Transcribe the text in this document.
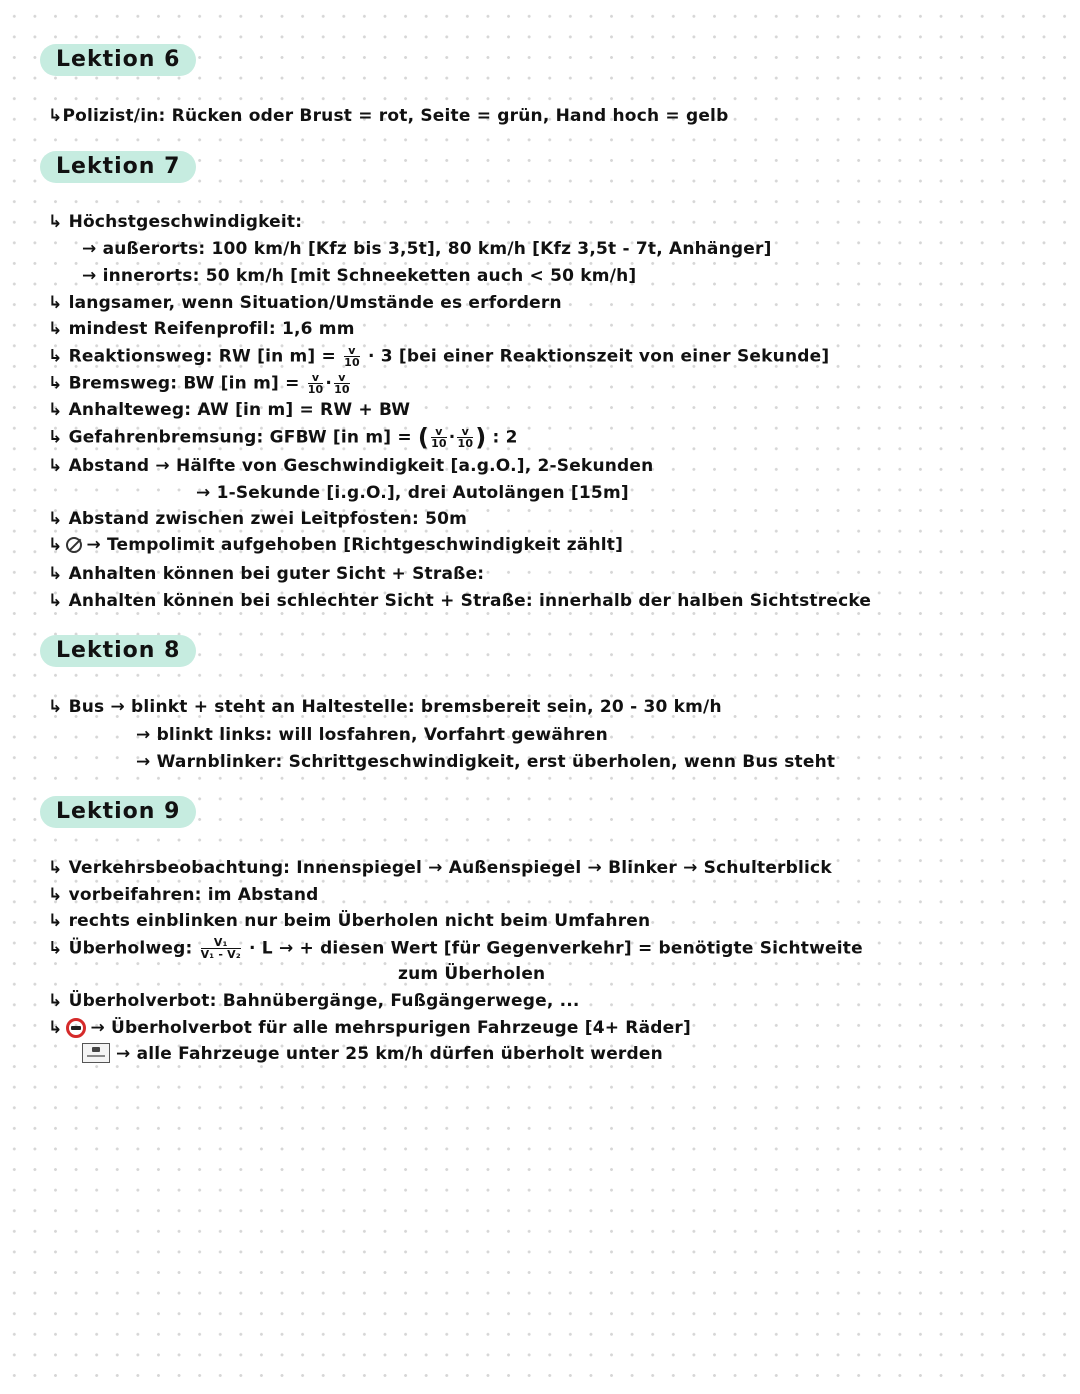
Lektion 6
↳Polizist/in: Rücken oder Brust = rot, Seite = grün, Hand hoch = gelb
Lektion 7
↳ Höchstgeschwindigkeit:
→ außerorts: 100 km/h [Kfz bis 3,5t], 80 km/h [Kfz 3,5t - 7t, Anhänger]
→ innerorts: 50 km/h [mit Schneeketten auch < 50 km/h]
↳ langsamer, wenn Situation/Umstände es erfordern
↳ mindest Reifenprofil: 1,6 mm
↳ Reaktionsweg: RW [in $m] = \frac{v}{10} \cdot 3$ [bei einer Reaktionszeit von einer Sekunde]
↳ Bremsweg: BW [in $m] = \frac{v}{10} \cdot \frac{v}{10}$
↳ Anhalteweg: AW [in m] = RW + BW
↳ Gefahrenbremsung: GFBW [in m] = ( $\frac{v}{10} \cdot \frac{v}{10}$ ) : 2
↳ Abstand → Hälfte von Geschwindigkeit [a.g.O.], 2-Sekunden
→ 1-Sekunde [i.g.O.], drei Autolängen [15m]
↳ Abstand zwischen zwei Leitpfosten: 50m
↳ → Tempolimit aufgehoben [Richtgeschwindigkeit zählt]
↳ Anhalten können bei guter Sicht + Straße:
↳ Anhalten können bei schlechter Sicht + Straße: innerhalb der halben Sichtstrecke
Lektion 8
↳ Bus → blinkt + steht an Haltestelle: bremsbereit sein, 20 - 30 km/h
→ blinkt links: will losfahren, Vorfahrt gewähren
→ Warnblinker: Schrittgeschwindigkeit, erst überholen, wenn Bus steht
Lektion 9
↳ Verkehrsbeobachtung: Innenspiegel → Außenspiegel → Blinker → Schulterblick
↳ vorbeifahren: im Abstand
↳ rechts einblinken nur beim Überholen nicht beim Umfahren
↳ Überholweg: $\frac{\text{V₁}}{\text{V₁ - V₂}} \cdot L$ → + diesen Wert [für Gegenverkehr] = benötigte Sichtweite
zum Überholen
↳ Überholverbot: Bahnübergänge, Fußgängerwege, ...
↳ → Überholverbot für alle mehrspurigen Fahrzeuge [4+ Räder]
→ alle Fahrzeuge unter 25 km/h dürfen überholt werden
